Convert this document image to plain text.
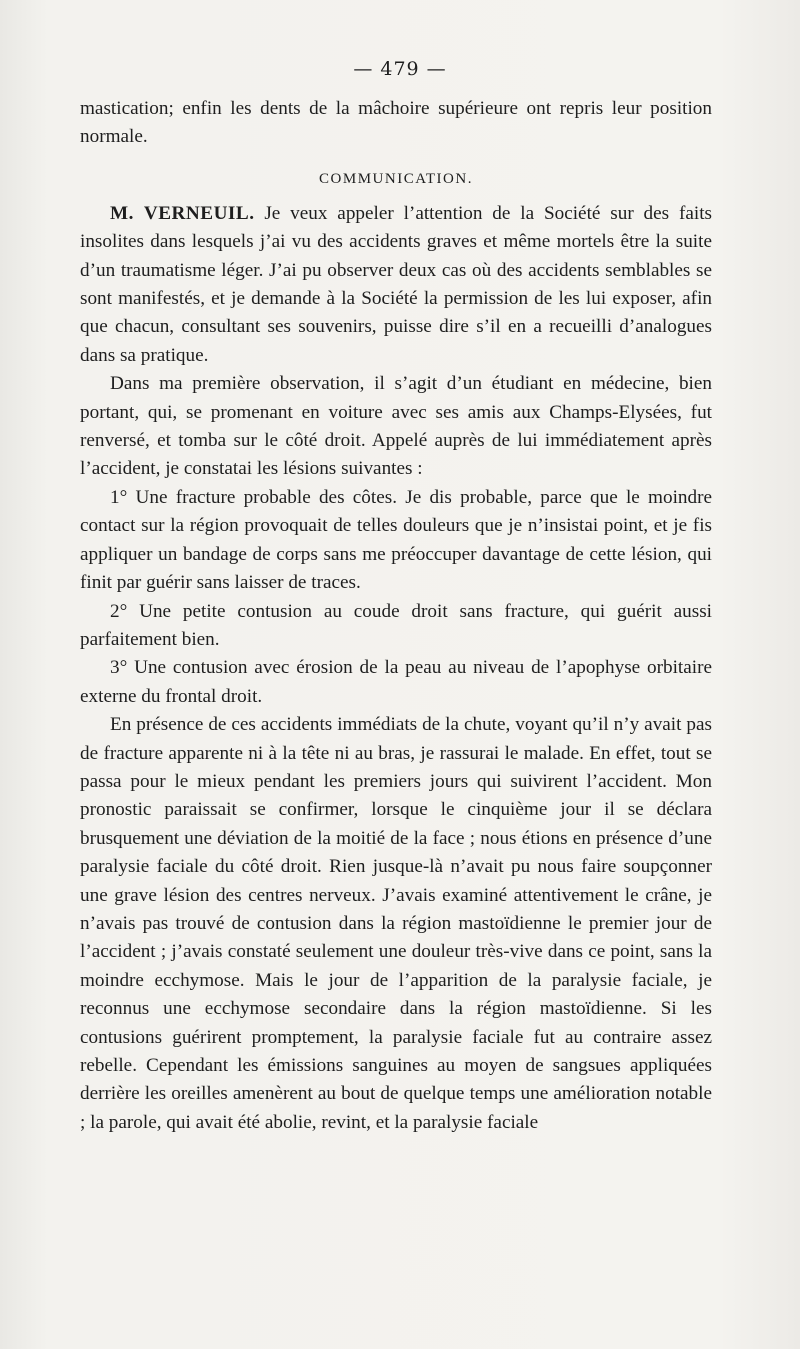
— 479 —

mastication; enfin les dents de la mâchoire supérieure ont repris leur position normale.

COMMUNICATION.

M. VERNEUIL. Je veux appeler l’attention de la Société sur des faits insolites dans lesquels j’ai vu des accidents graves et même mortels être la suite d’un traumatisme léger. J’ai pu observer deux cas où des accidents semblables se sont manifestés, et je demande à la Société la permission de les lui exposer, afin que chacun, consultant ses souvenirs, puisse dire s’il en a recueilli d’analogues dans sa pratique.

Dans ma première observation, il s’agit d’un étudiant en médecine, bien portant, qui, se promenant en voiture avec ses amis aux Champs-Elysées, fut renversé, et tomba sur le côté droit. Appelé auprès de lui immédiatement après l’accident, je constatai les lésions suivantes :

1° Une fracture probable des côtes. Je dis probable, parce que le moindre contact sur la région provoquait de telles douleurs que je n’insistai point, et je fis appliquer un bandage de corps sans me préoccuper davantage de cette lésion, qui finit par guérir sans laisser de traces.

2° Une petite contusion au coude droit sans fracture, qui guérit aussi parfaitement bien.

3° Une contusion avec érosion de la peau au niveau de l’apophyse orbitaire externe du frontal droit.

En présence de ces accidents immédiats de la chute, voyant qu’il n’y avait pas de fracture apparente ni à la tête ni au bras, je rassurai le malade. En effet, tout se passa pour le mieux pendant les premiers jours qui suivirent l’accident. Mon pronostic paraissait se confirmer, lorsque le cinquième jour il se déclara brusquement une déviation de la moitié de la face ; nous étions en présence d’une paralysie faciale du côté droit. Rien jusque-là n’avait pu nous faire soupçonner une grave lésion des centres nerveux. J’avais examiné attentivement le crâne, je n’avais pas trouvé de contusion dans la région mastoïdienne le premier jour de l’accident ; j’avais constaté seulement une douleur très-vive dans ce point, sans la moindre ecchymose. Mais le jour de l’apparition de la paralysie faciale, je reconnus une ecchymose secondaire dans la région mastoïdienne. Si les contusions guérirent promptement, la paralysie faciale fut au contraire assez rebelle. Cependant les émissions sanguines au moyen de sangsues appliquées derrière les oreilles amenèrent au bout de quelque temps une amélioration notable ; la parole, qui avait été abolie, revint, et la paralysie faciale
